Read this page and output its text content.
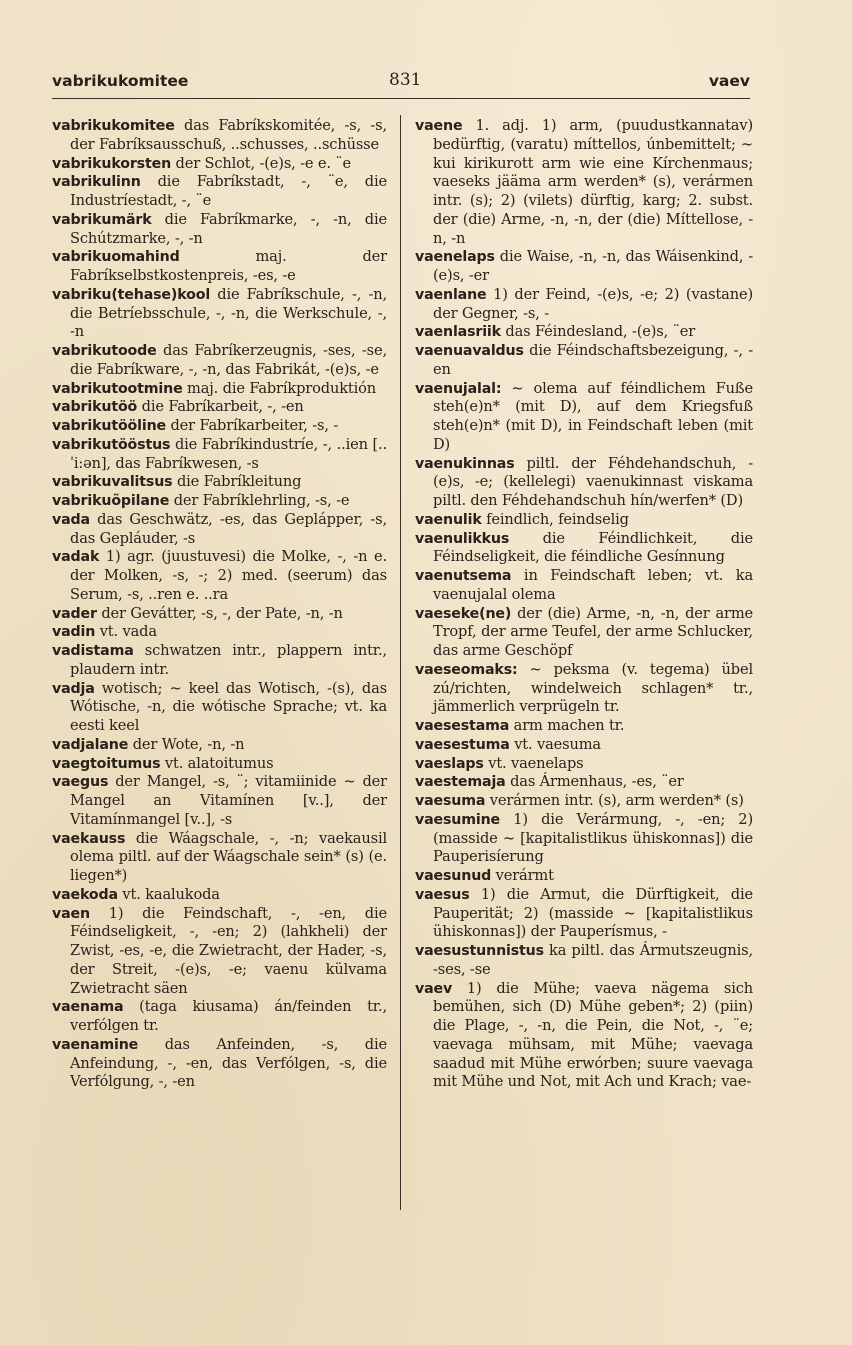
vabrikukomitee	831	vaev

vabrikukomitee das Fabríkskomitée, -s, -s, der Fabríksausschuß, ..schusses, ..schüsse

vabrikukorsten der Schlot, -(e)s, -e e. ¨e

vabrikulinn die Fabríkstadt, -, ¨e, die Industríestadt, -, ¨e

vabrikumärk die Fabríkmarke, -, -n, die Schútzmarke, -, -n

vabrikuomahind maj. der Fabríkselbstkostenpreis, -es, -e

vabriku(tehase)kool die Fabríkschule, -, -n, die Betríebsschule, -, -n, die Werkschule, -, -n

vabrikutoode das Fabríkerzeugnis, -ses, -se, die Fabríkware, -, -n, das Fabrikát, -(e)s, -e

vabrikutootmine maj. die Fabríkproduktión

vabrikutöö die Fabríkarbeit, -, -en

vabrikutööline der Fabríkarbeiter, -s, -

vabrikutööstus die Fabríkindustríe, -, ..ien [..ˈi:ən], das Fabríkwesen, -s

vabrikuvalitsus die Fabríkleitung

vabrikuõpilane der Fabríklehrling, -s, -e

vada das Geschwätz, -es, das Geplápper, -s, das Gepláuder, -s

vadak 1) agr. (juustuvesi) die Molke, -, -n e. der Molken, -s, -; 2) med. (seerum) das Serum, -s, ..ren e. ..ra

vader der Gevátter, -s, -, der Pate, -n, -n

vadin vt. vada

vadistama schwatzen intr., plappern intr., plaudern intr.

vadja wotisch; ~ keel das Wotisch, -(s), das Wótische, -n, die wótische Sprache; vt. ka eesti keel

vadjalane der Wote, -n, -n

vaegtoitumus vt. alatoitumus

vaegus der Mangel, -s, ¨; vitamiinide ~ der Mangel an Vitamínen [v..], der Vitamínmangel [v..], -s

vaekauss die Wáagschale, -, -n; vaekausil olema piltl. auf der Wáagschale sein* (s) (e. liegen*)

vaekoda vt. kaalukoda

vaen 1) die Feindschaft, -, -en, die Féindseligkeit, -, -en; 2) (lahkheli) der Zwist, -es, -e, die Zwietracht, der Hader, -s, der Streit, -(e)s, -e; vaenu külvama Zwietracht säen

vaenama (taga kiusama) án/feinden tr., verfólgen tr.

vaenamine das Anfeinden, -s, die Anfeindung, -, -en, das Verfólgen, -s, die Verfólgung, -, -en

vaene 1. adj. 1) arm, (puudustkannatav) bedürftig, (varatu) míttellos, únbemittelt; ~ kui kirikurott arm wie eine Kírchenmaus; vaeseks jääma arm werden* (s), verármen intr. (s); 2) (vilets) dürftig, karg; 2. subst. der (die) Arme, -n, -n, der (die) Míttellose, -n, -n

vaenelaps die Waise, -n, -n, das Wáisenkind, -(e)s, -er

vaenlane 1) der Feind, -(e)s, -e; 2) (vastane) der Gegner, -s, -

vaenlasriik das Féindesland, -(e)s, ¨er

vaenuavaldus die Féindschaftsbezeigung, -, -en

vaenujalal: ~ olema auf féindlichem Fuße steh(e)n* (mit D), auf dem Kriegsfuß steh(e)n* (mit D), in Feindschaft leben (mit D)

vaenukinnas piltl. der Féhdehandschuh, -(e)s, -e; (kellelegi) vaenukinnast viskama piltl. den Féhdehandschuh hín/werfen* (D)

vaenulik feindlich, feindselig

vaenulikkus die Féindlichkeit, die Féindseligkeit, die féindliche Gesínnung

vaenutsema in Feindschaft leben; vt. ka vaenujalal olema

vaeseke(ne) der (die) Arme, -n, -n, der arme Tropf, der arme Teufel, der arme Schlucker, das arme Geschöpf

vaeseomaks: ~ peksma (v. tegema) übel zú/richten, windelweich schlagen* tr., jämmerlich verprügeln tr.

vaesestama arm machen tr.

vaesestuma vt. vaesuma

vaeslaps vt. vaenelaps

vaestemaja das Ármenhaus, -es, ¨er

vaesuma verármen intr. (s), arm werden* (s)

vaesumine 1) die Verármung, -, -en; 2) (masside ~ [kapitalistlikus ühiskonnas]) die Pauperisíerung

vaesunud verármt

vaesus 1) die Armut, die Dürftigkeit, die Pauperität; 2) (masside ~ [kapitalistlikus ühiskonnas]) der Pauperísmus, -

vaesustunnistus ka piltl. das Ármutszeugnis, -ses, -se

vaev 1) die Mühe; vaeva nägema sich bemühen, sich (D) Mühe geben*; 2) (piin) die Plage, -, -n, die Pein, die Not, -, ¨e; vaevaga mühsam, mit Mühe; vaevaga saadud mit Mühe erwórben; suure vaevaga mit Mühe und Not, mit Ach und Krach; vae-
